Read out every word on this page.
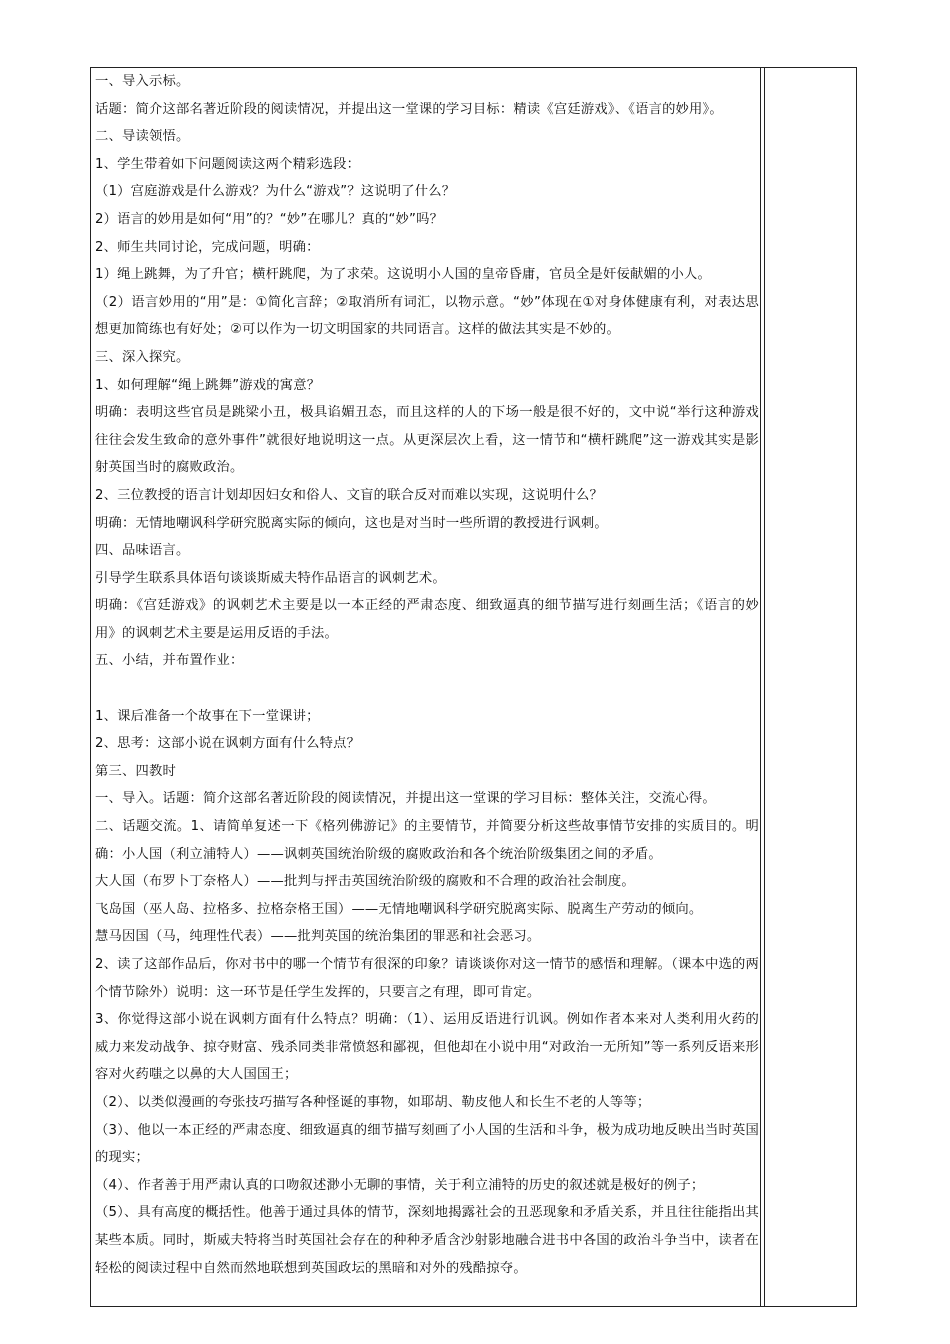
一、导入示标。

话题：简介这部名著近阶段的阅读情况，并提出这一堂课的学习目标：精读《宫廷游戏》、《语言的妙用》。

二、导读领悟。

1、学生带着如下问题阅读这两个精彩选段：

（1）宫庭游戏是什么游戏？为什么“游戏”？这说明了什么？

2）语言的妙用是如何“用”的？“妙”在哪儿？真的“妙”吗？

2、师生共同讨论，完成问题，明确：

1）绳上跳舞，为了升官；横杆跳爬，为了求荣。这说明小人国的皇帝昏庸，官员全是奸佞献媚的小人。

（2）语言妙用的“用”是：①简化言辞；②取消所有词汇，以物示意。“妙”体现在①对身体健康有利，对表达思想更加简练也有好处；②可以作为一切文明国家的共同语言。这样的做法其实是不妙的。

三、深入探究。

1、如何理解“绳上跳舞”游戏的寓意？

明确：表明这些官员是跳梁小丑，极具谄媚丑态，而且这样的人的下场一般是很不好的，文中说“举行这种游戏往往会发生致命的意外事件”就很好地说明这一点。从更深层次上看，这一情节和“横杆跳爬”这一游戏其实是影射英国当时的腐败政治。

2、三位教授的语言计划却因妇女和俗人、文盲的联合反对而难以实现，这说明什么？

明确：无情地嘲讽科学研究脱离实际的倾向，这也是对当时一些所谓的教授进行讽刺。

四、品味语言。

引导学生联系具体语句谈谈斯威夫特作品语言的讽刺艺术。

明确：《宫廷游戏》的讽刺艺术主要是以一本正经的严肃态度、细致逼真的细节描写进行刻画生活；《语言的妙用》的讽刺艺术主要是运用反语的手法。

五、小结，并布置作业：

1、课后准备一个故事在下一堂课讲；

2、思考：这部小说在讽刺方面有什么特点？

第三、四教时

一、导入。话题：简介这部名著近阶段的阅读情况，并提出这一堂课的学习目标：整体关注，交流心得。

二、话题交流。1、请简单复述一下《格列佛游记》的主要情节，并简要分析这些故事情节安排的实质目的。明确：小人国（利立浦特人）——讽刺英国统治阶级的腐败政治和各个统治阶级集团之间的矛盾。

大人国（布罗卜丁奈格人）——批判与抨击英国统治阶级的腐败和不合理的政治社会制度。

飞岛国（巫人岛、拉格多、拉格奈格王国）——无情地嘲讽科学研究脱离实际、脱离生产劳动的倾向。

慧马因国（马，纯理性代表）——批判英国的统治集团的罪恶和社会恶习。

2、读了这部作品后，你对书中的哪一个情节有很深的印象？请谈谈你对这一情节的感悟和理解。（课本中选的两个情节除外）说明：这一环节是任学生发挥的，只要言之有理，即可肯定。

3、你觉得这部小说在讽刺方面有什么特点？明确：（1）、运用反语进行讥讽。例如作者本来对人类利用火药的威力来发动战争、掠夺财富、残杀同类非常愤怒和鄙视，但他却在小说中用“对政治一无所知”等一系列反语来形容对火药嗤之以鼻的大人国国王；

（2）、以类似漫画的夸张技巧描写各种怪诞的事物，如耶胡、勒皮他人和长生不老的人等等；

（3）、他以一本正经的严肃态度、细致逼真的细节描写刻画了小人国的生活和斗争，极为成功地反映出当时英国的现实；

（4）、作者善于用严肃认真的口吻叙述渺小无聊的事情，关于利立浦特的历史的叙述就是极好的例子；

（5）、具有高度的概括性。他善于通过具体的情节，深刻地揭露社会的丑恶现象和矛盾关系，并且往往能指出其某些本质。同时，斯威夫特将当时英国社会存在的种种矛盾含沙射影地融合进书中各国的政治斗争当中，读者在轻松的阅读过程中自然而然地联想到英国政坛的黑暗和对外的残酷掠夺。
